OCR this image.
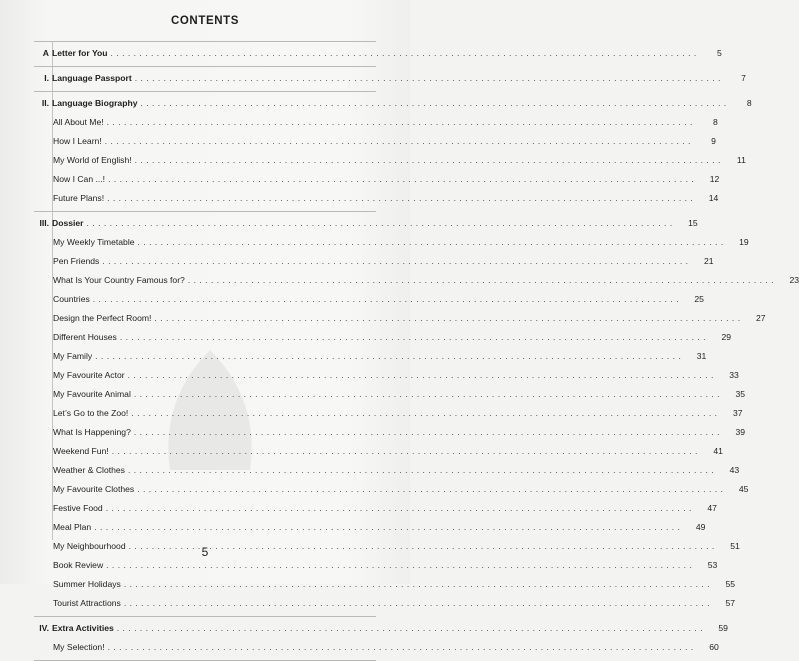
CONTENTS
A Letter for You . . .	5
I. Language Passport . . .	7
II. Language Biography . . .	8
All About Me! . . .	8
How I Learn! . . .	9
My World of English! . . .	11
Now I Can ...! . . .	12
Future Plans! . . .	14
III. Dossier . . .	15
My Weekly Timetable . . .	19
Pen Friends . . .	21
What Is Your Country Famous for? . . .	23
Countries . . .	25
Design the Perfect Room! . . .	27
Different Houses . . .	29
My Family . . .	31
My Favourite Actor . . .	33
My Favourite Animal . . .	35
Let’s Go to the Zoo! . . .	37
What Is Happening? . . .	39
Weekend Fun! . . .	41
Weather & Clothes . . .	43
My Favourite Clothes . . .	45
Festive Food . . .	47
Meal Plan . . .	49
My Neighbourhood . . .	51
Book Review . . .	53
Summer Holidays . . .	55
Tourist Attractions . . .	57
IV. Extra Activities . . .	59
My Selection! . . .	60
5
